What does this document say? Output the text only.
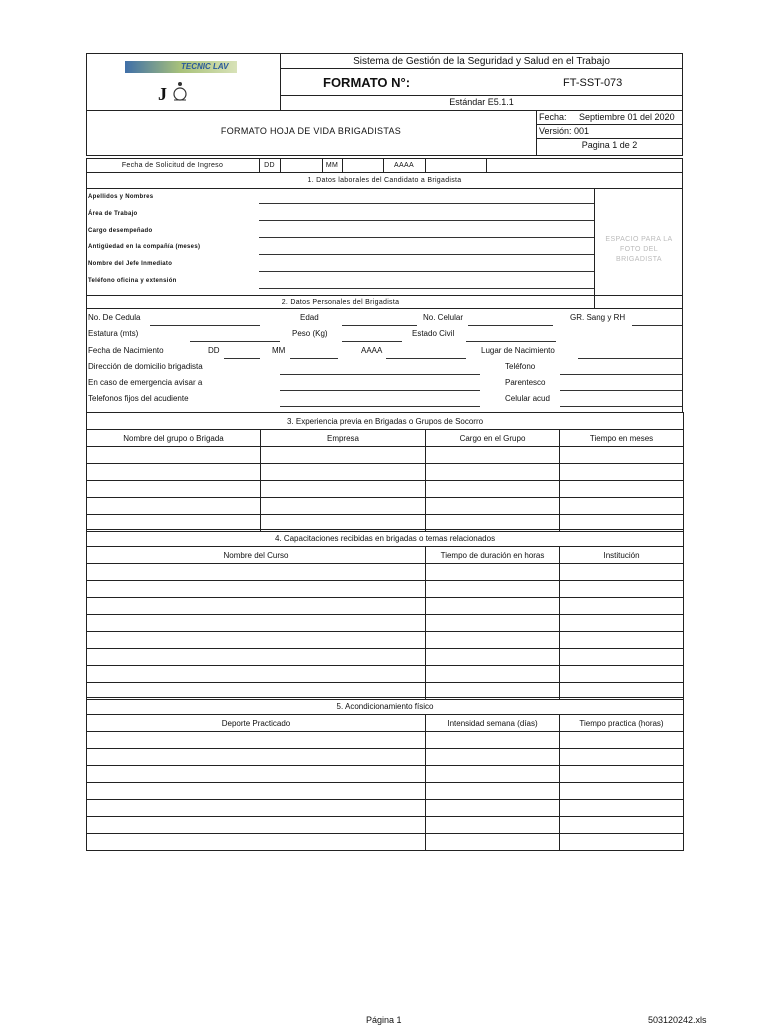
TECNIC LAV
J
Sistema de Gestión de la Seguridad y Salud en el Trabajo
FORMATO N°:	FT-SST-073
Estándar E5.1.1
FORMATO HOJA DE VIDA BRIGADISTAS
Fecha: Septiembre 01 del 2020
Versión: 001
Pagina 1 de 2
Fecha de Solicitud de Ingreso	DD	MM	AAAA
1. Datos laborales del Candidato a Brigadista
Apellidos y Nombres
Área de Trabajo
Cargo desempeñado
Antigüedad en la compañía (meses)
Nombre del Jefe Inmediato
Teléfono oficina y extensión
ESPACIO PARA LA FOTO DEL BRIGADISTA
2. Datos Personales del Brigadista
No. De Cedula	Edad	No. Celular	GR. Sang y RH
Estatura (mts)	Peso (Kg)	Estado Civil
Fecha de Nacimiento	DD	MM	AAAA	Lugar de Nacimiento
Dirección de domicilio brigadista	Teléfono
En caso de emergencia avisar a	Parentesco
Telefonos fijos del acudiente	Celular acud
3. Experiencia previa en Brigadas o Grupos de Socorro			
Nombre del grupo o Brigada	Empresa	Cargo en el Grupo	Tiempo en meses

4. Capacitaciones recibidas en brigadas o temas relacionados		
Nombre del Curso	Tiempo de duración en horas	Institución

5. Acondicionamiento físico		
Deporte Practicado	Intensidad semana (días)	Tiempo practica (horas)

Página 1	503120242.xls
